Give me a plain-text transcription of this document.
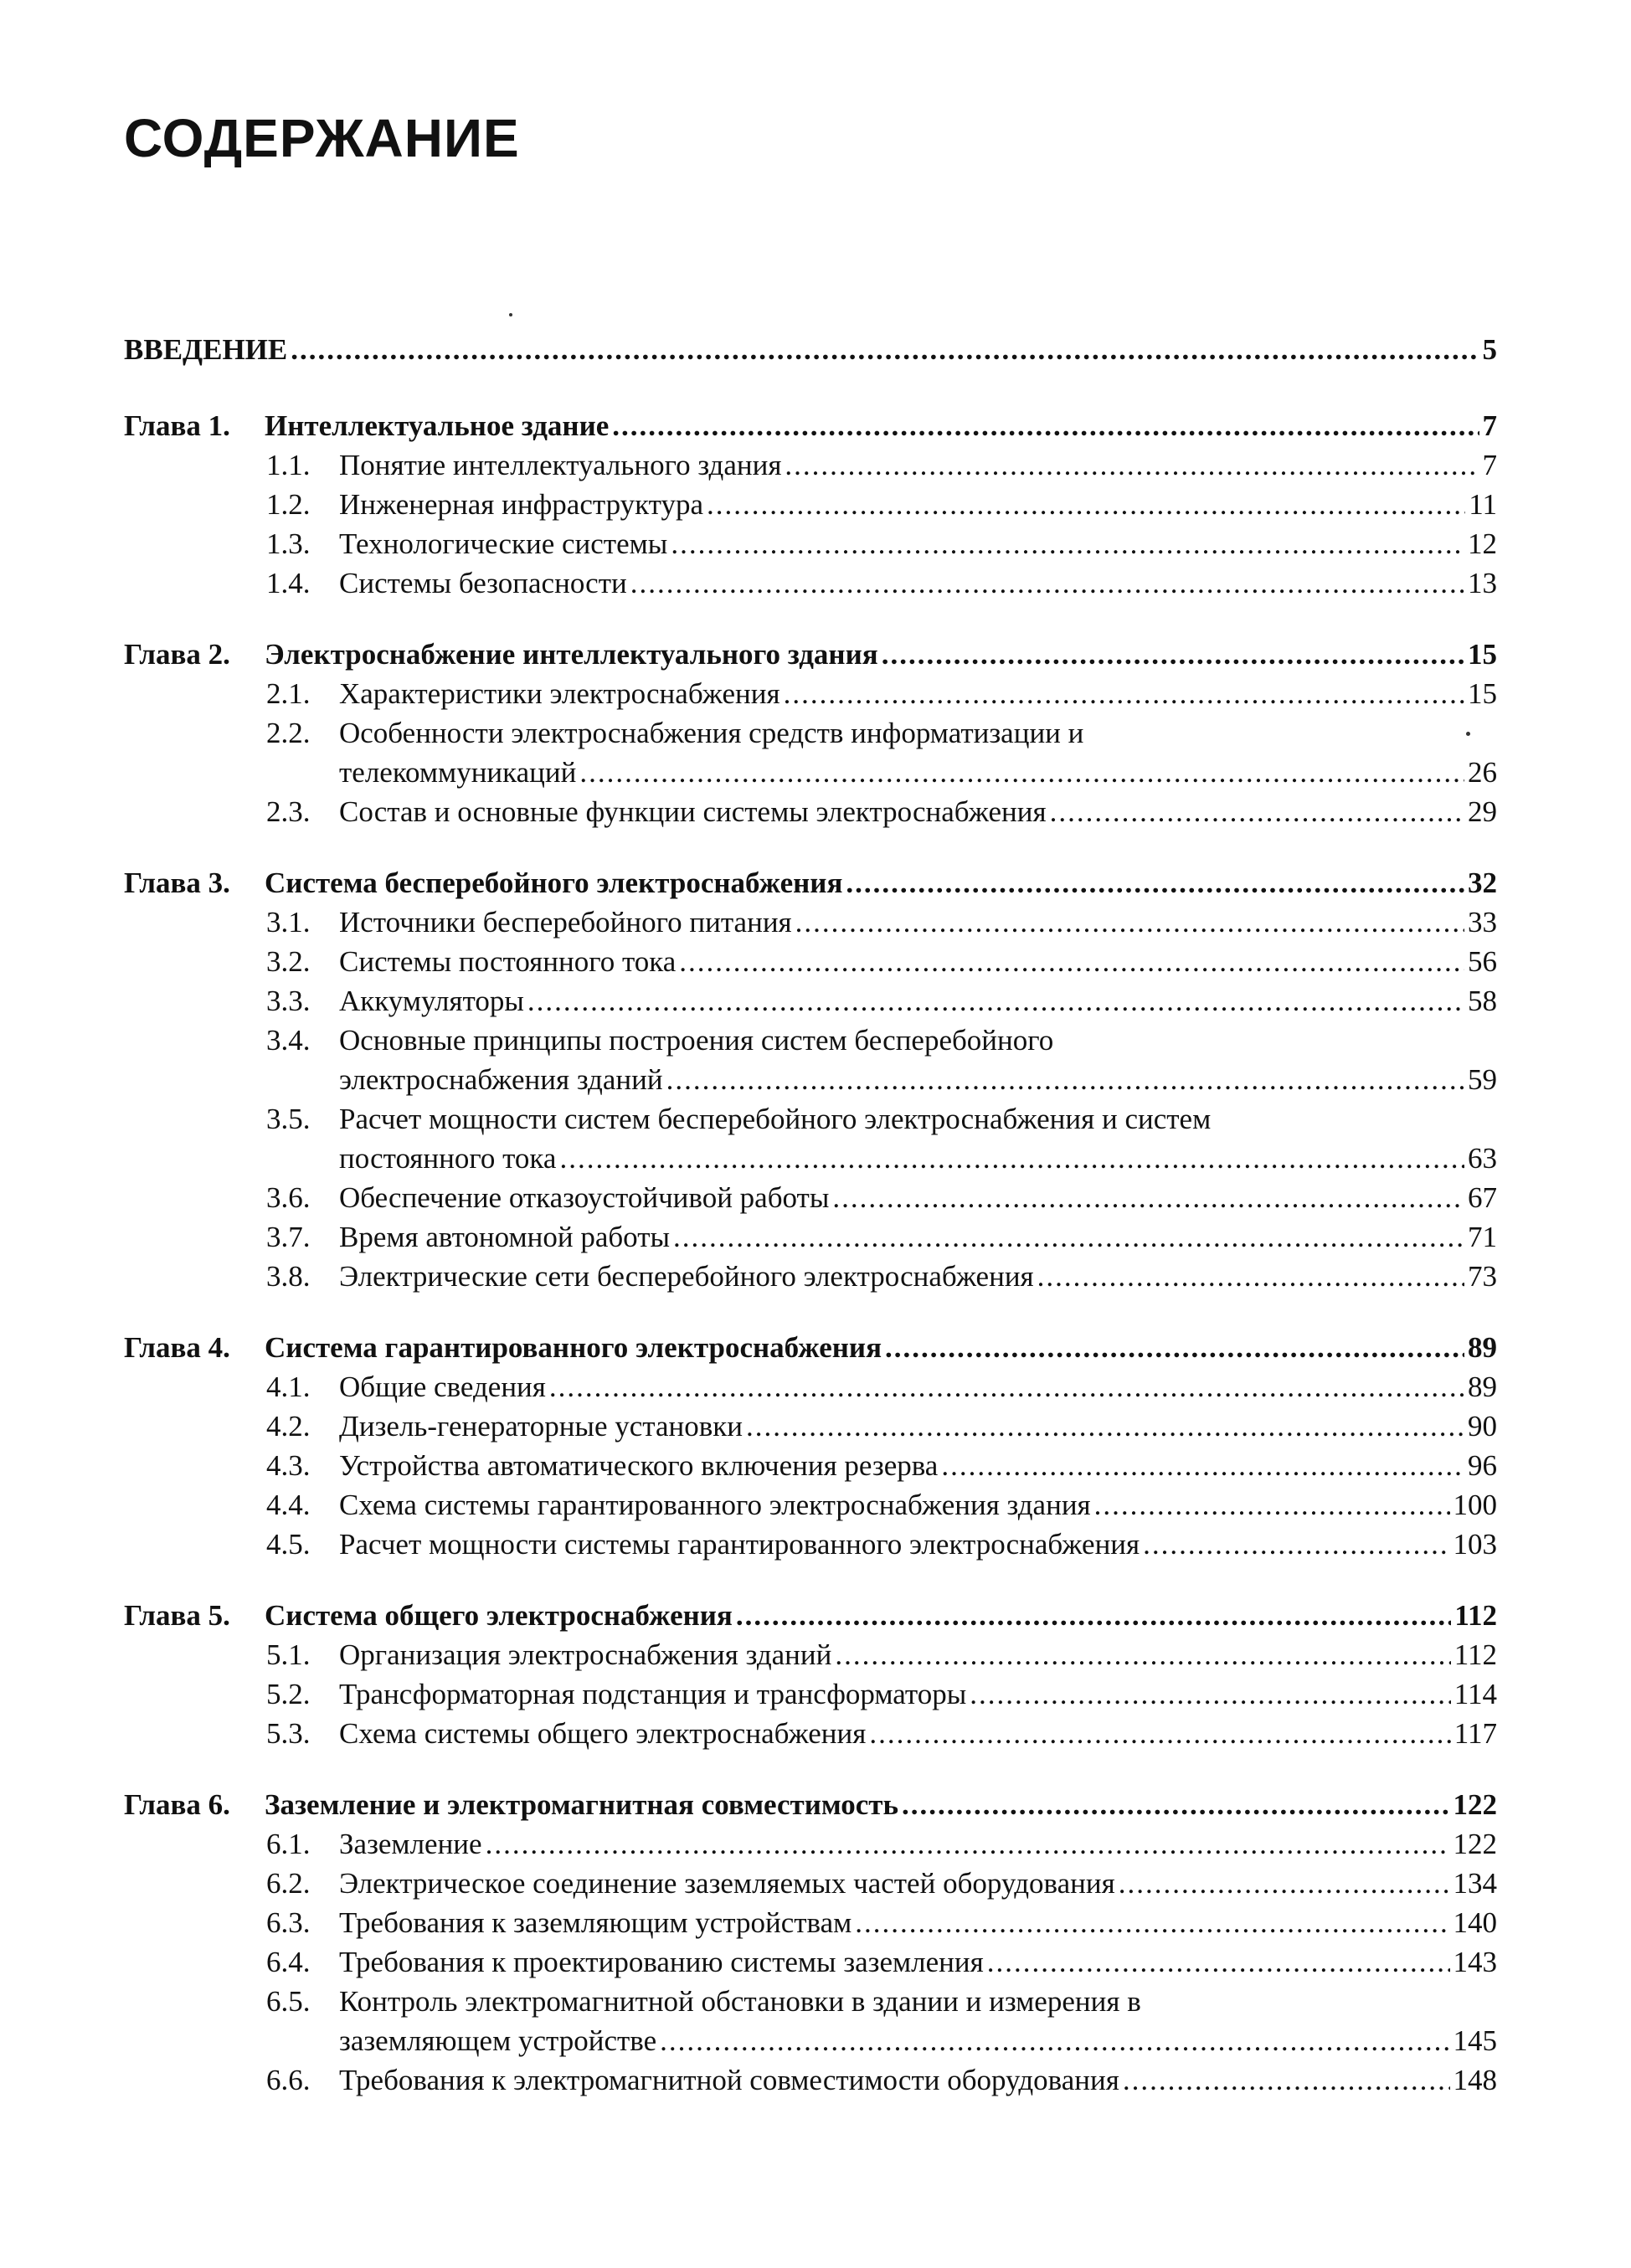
СОДЕРЖАНИЕ
ВВЕДЕНИЕ .....	5
Глава 1. Интеллектуальное здание .....	7
1.1. Понятие интеллектуального здания .....	7
1.2. Инженерная инфраструктура .....	11
1.3. Технологические системы .....	12
1.4. Системы безопасности .....	13
Глава 2. Электроснабжение интеллектуального здания .....	15
2.1. Характеристики электроснабжения .....	15
2.2. Особенности электроснабжения средств информатизации и
телекоммуникаций .....	26
2.3. Состав и основные функции системы электроснабжения .....	29
Глава 3. Система бесперебойного электроснабжения .....	32
3.1. Источники бесперебойного питания .....	33
3.2. Системы постоянного тока .....	56
3.3. Аккумуляторы .....	58
3.4. Основные принципы построения систем бесперебойного
электроснабжения зданий .....	59
3.5. Расчет мощности систем бесперебойного электроснабжения и систем
постоянного тока .....	63
3.6. Обеспечение отказоустойчивой работы .....	67
3.7. Время автономной работы .....	71
3.8. Электрические сети бесперебойного электроснабжения .....	73
Глава 4. Система гарантированного электроснабжения .....	89
4.1. Общие сведения .....	89
4.2. Дизель-генераторные установки .....	90
4.3. Устройства автоматического включения резерва .....	96
4.4. Схема системы гарантированного электроснабжения здания .....	100
4.5. Расчет мощности системы гарантированного электроснабжения .....	103
Глава 5. Система общего электроснабжения .....	112
5.1. Организация электроснабжения зданий .....	112
5.2. Трансформаторная подстанция и трансформаторы .....	114
5.3. Схема системы общего электроснабжения .....	117
Глава 6. Заземление и электромагнитная совместимость .....	122
6.1. Заземление .....	122
6.2. Электрическое соединение заземляемых частей оборудования .....	134
6.3. Требования к заземляющим устройствам .....	140
6.4. Требования к проектированию системы заземления .....	143
6.5. Контроль электромагнитной обстановки в здании и измерения в
заземляющем устройстве .....	145
6.6. Требования к электромагнитной совместимости оборудования .....	148
